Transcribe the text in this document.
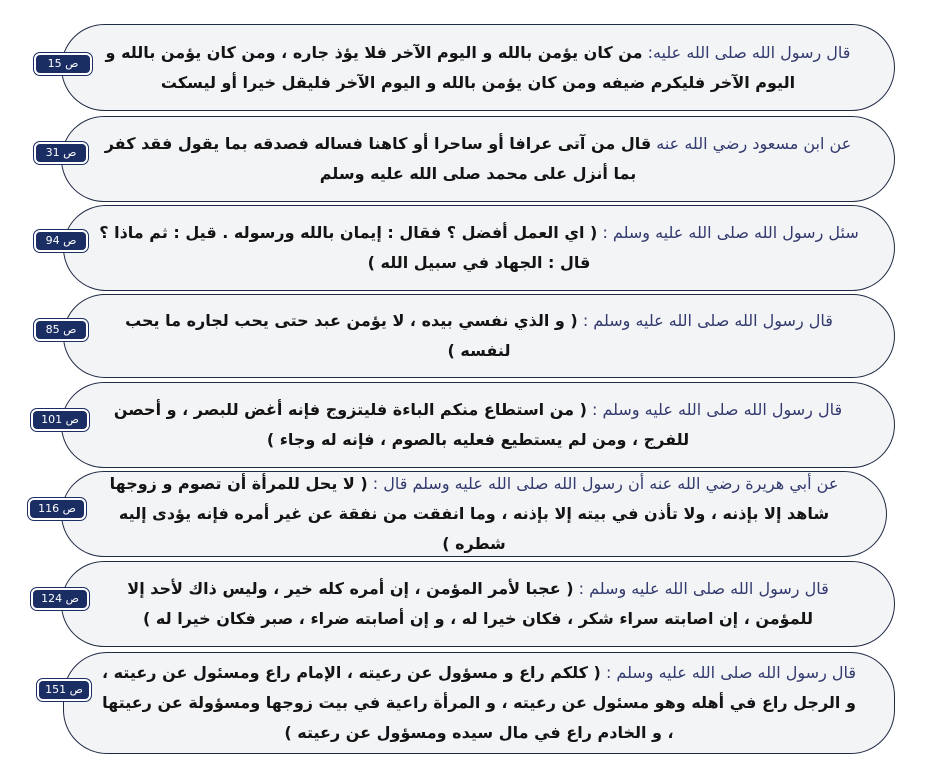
قال رسول الله صلى الله عليه: من كان يؤمن بالله و اليوم الآخر فلا يؤذ جاره ، ومن كان يؤمن بالله و اليوم الآخر فليكرم ضيفه ومن كان يؤمن بالله و اليوم الآخر فليقل خيرا أو ليسكت
ص 15
عن ابن مسعود رضي الله عنه قال من آتى عرافا أو ساحرا أو كاهنا فساله فصدقه بما يقول فقد كفر بما أنزل على محمد صلى الله عليه وسلم
ص 31
سئل رسول الله صلى الله عليه وسلم : ( اي العمل أفضل ؟ فقال : إيمان بالله ورسوله . قيل : ثم ماذا ؟ قال : الجهاد في سبيل الله )
ص 94
قال رسول الله صلى الله عليه وسلم : ( و الذي نفسي بيده ، لا يؤمن عبد حتى يحب لجاره ما يحب لنفسه )
ص 85
قال رسول الله صلى الله عليه وسلم : ( من استطاع منكم الباءة فليتزوج فإنه أغض للبصر ، و أحصن للفرج ، ومن لم يستطيع فعليه بالصوم ، فإنه له وجاء )
ص 101
عن أبي هريرة رضي الله عنه أن رسول الله صلى الله عليه وسلم قال : ( لا يحل للمرأة أن تصوم و زوجها شاهد إلا بإذنه ، ولا تأذن في بيته إلا بإذنه ، وما انفقت من نفقة عن غير أمره فإنه يؤدى إليه شطره )
ص 116
قال رسول الله صلى الله عليه وسلم : ( عجبا لأمر المؤمن ، إن أمره كله خير ، وليس ذاك لأحد إلا للمؤمن ، إن اصابته سراء شكر ، فكان خيرا له ، و إن أصابته ضراء ، صبر فكان خيرا له )
ص 124
قال رسول الله صلى الله عليه وسلم : ( كلكم راع و مسؤول عن رعيته ، الإمام راع ومسئول عن رعيته ، و الرجل راع في أهله وهو مسئول عن رعيته ، و المرأة راعية في بيت زوجها ومسؤولة عن رعيتها ، و الخادم راع في مال سيده ومسؤول عن رعيته )
ص 151
